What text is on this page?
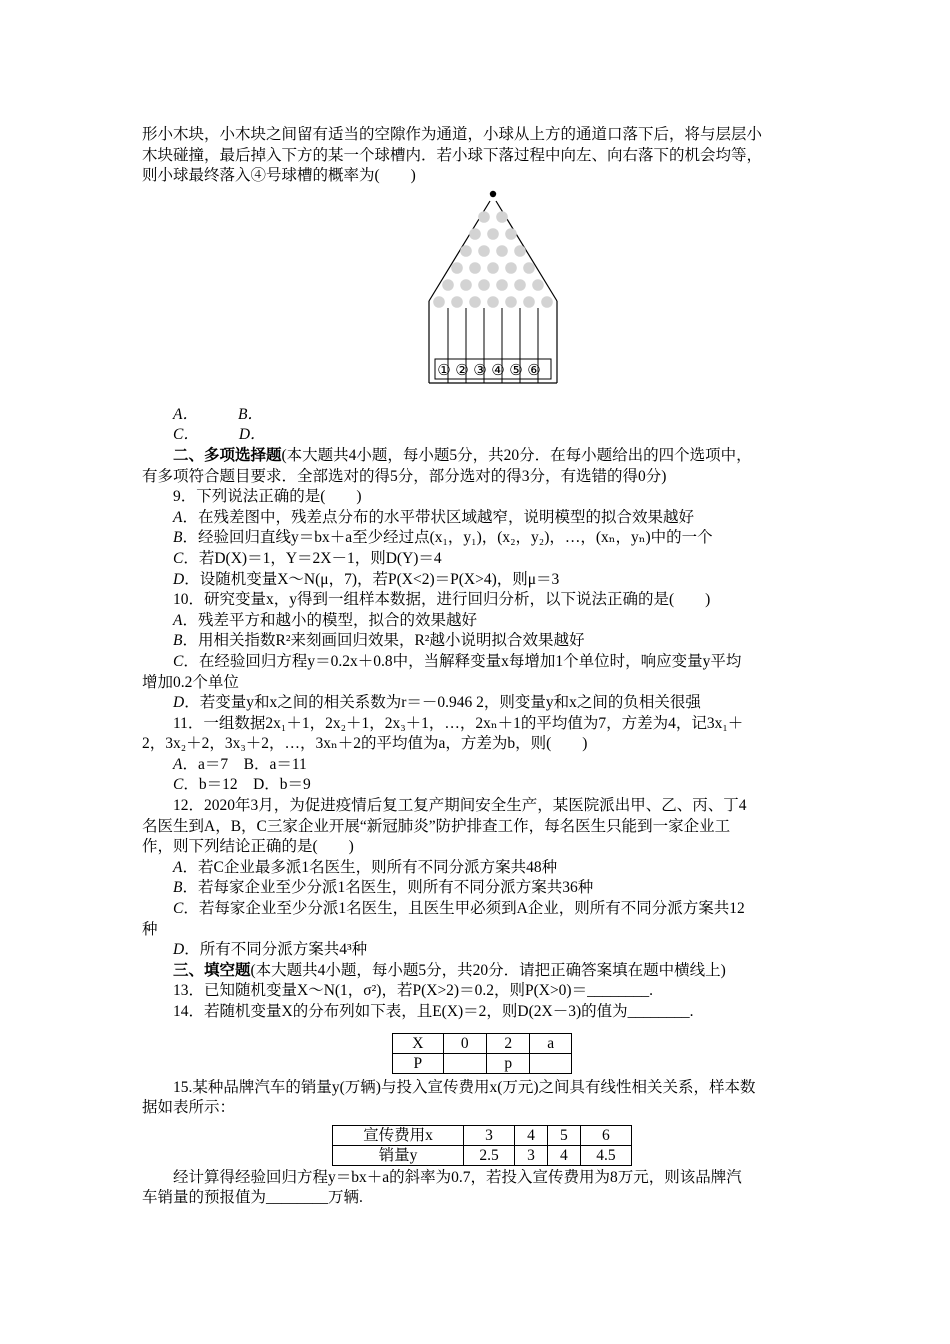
形小木块，小木块之间留有适当的空隙作为通道，小球从上方的通道口落下后，将与层层小

木块碰撞，最后掉入下方的某一个球槽内．若小球下落过程中向左、向右落下的机会均等，

则小球最终落入④号球槽的概率为(　　)

① ② ③ ④ ⑤ ⑥

A．	B．

C．	D．

二、多项选择题(本大题共4小题，每小题5分，共20分．在每小题给出的四个选项中，

有多项符合题目要求．全部选对的得5分，部分选对的得3分，有选错的得0分)

9．下列说法正确的是(　　)

A．在残差图中，残差点分布的水平带状区域越窄，说明模型的拟合效果越好

B．经验回归直线y＝bx＋a至少经过点(x₁，y₁)，(x₂，y₂)，…，(xₙ，yₙ)中的一个

C．若D(X)＝1，Y＝2X－1，则D(Y)＝4

D．设随机变量X～N(μ，7)，若P(X<2)＝P(X>4)，则μ＝3

10．研究变量x，y得到一组样本数据，进行回归分析，以下说法正确的是(　　)

A．残差平方和越小的模型，拟合的效果越好

B．用相关指数R²来刻画回归效果，R²越小说明拟合效果越好

C．在经验回归方程y＝0.2x＋0.8中，当解释变量x每增加1个单位时，响应变量y平均

增加0.2个单位

D．若变量y和x之间的相关系数为r＝－0.946 2，则变量y和x之间的负相关很强

11．一组数据2x₁＋1，2x₂＋1，2x₃＋1，…，2xₙ＋1的平均值为7，方差为4，记3x₁＋

2，3x₂＋2，3x₃＋2，…，3xₙ＋2的平均值为a，方差为b，则(　　)

A．a＝7　B．a＝11

C．b＝12　D．b＝9

12．2020年3月，为促进疫情后复工复产期间安全生产，某医院派出甲、乙、丙、丁4

名医生到A，B，C三家企业开展“新冠肺炎”防护排查工作，每名医生只能到一家企业工

作，则下列结论正确的是(　　)

A．若C企业最多派1名医生，则所有不同分派方案共48种

B．若每家企业至少分派1名医生，则所有不同分派方案共36种

C．若每家企业至少分派1名医生，且医生甲必须到A企业，则所有不同分派方案共12

种

D．所有不同分派方案共4³种

三、填空题(本大题共4小题，每小题5分，共20分．请把正确答案填在题中横线上)

13．已知随机变量X～N(1，σ²)，若P(X>2)＝0.2，则P(X>0)＝________.

14．若随机变量X的分布列如下表，且E(X)＝2，则D(2X－3)的值为________.

X	0	2	a
P		p	

15.某种品牌汽车的销量y(万辆)与投入宣传费用x(万元)之间具有线性相关关系，样本数

据如表所示：

宣传费用x	3	4	5	6
销量y	2.5	3	4	4.5

经计算得经验回归方程y＝bx＋a的斜率为0.7，若投入宣传费用为8万元，则该品牌汽

车销量的预报值为________万辆.
